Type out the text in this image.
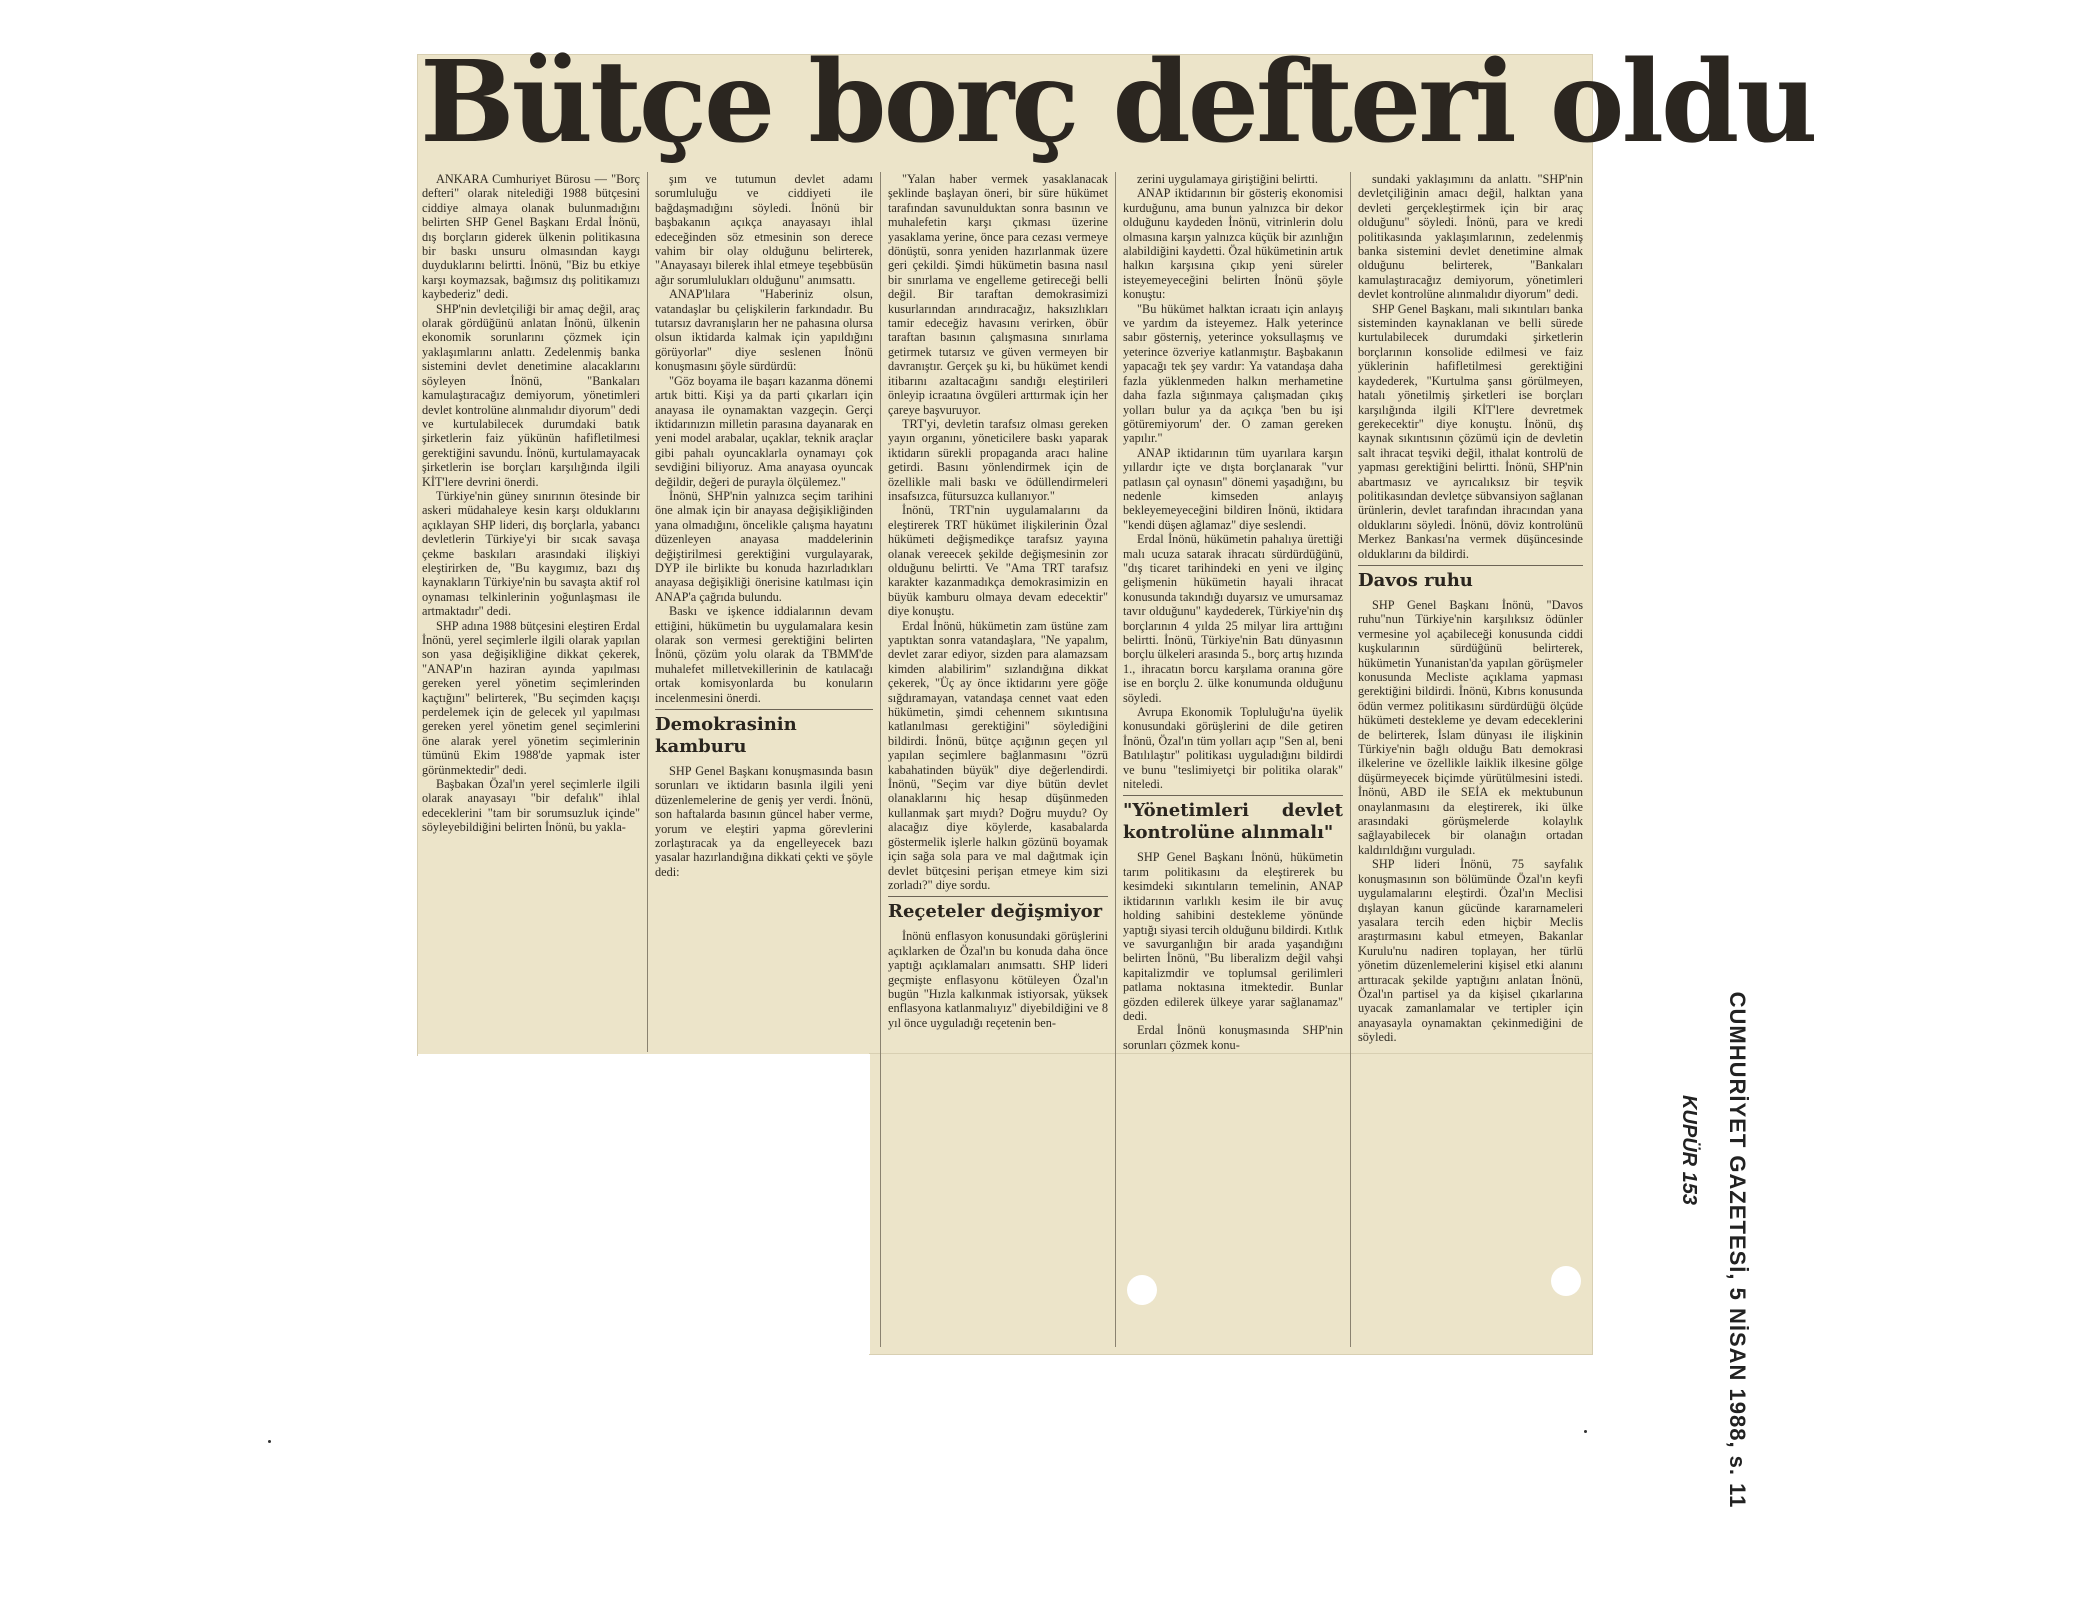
Bütçe borç defteri oldu

ANKARA Cumhuriyet Bürosu — "Borç defteri" olarak nitelediği 1988 bütçesini ciddiye almaya olanak bulunmadığını belirten SHP Genel Başkanı Erdal İnönü, dış borçların giderek ülkenin politikasına bir baskı unsuru olmasından kaygı duyduklarını belirtti. İnönü, "Biz bu etkiye karşı koymazsak, bağımsız dış politikamızı kaybederiz" dedi.

SHP'nin devletçiliği bir amaç değil, araç olarak gördüğünü anlatan İnönü, ülkenin ekonomik sorunlarını çözmek için yaklaşımlarını anlattı. Zedelenmiş banka sistemini devlet denetimine alacaklarını söyleyen İnönü, "Bankaları kamulaştıracağız demiyorum, yönetimleri devlet kontrolüne alınmalıdır diyorum" dedi ve kurtulabilecek durumdaki batık şirketlerin faiz yükünün hafifletilmesi gerektiğini savundu. İnönü, kurtulamayacak şirketlerin ise borçları karşılığında ilgili KİT'lere devrini önerdi.

Türkiye'nin güney sınırının ötesinde bir askeri müdahaleye kesin karşı olduklarını açıklayan SHP lideri, dış borçlarla, yabancı devletlerin Türkiye'yi bir sıcak savaşa çekme baskıları arasındaki ilişkiyi eleştirirken de, "Bu kaygımız, bazı dış kaynakların Türkiye'nin bu savaşta aktif rol oynaması telkinlerinin yoğunlaşması ile artmaktadır" dedi.

SHP adına 1988 bütçesini eleştiren Erdal İnönü, yerel seçimlerle ilgili olarak yapılan son yasa değişikliğine dikkat çekerek, "ANAP'ın haziran ayında yapılması gereken yerel yönetim seçimlerinden kaçtığını" belirterek, "Bu seçimden kaçışı perdelemek için de gelecek yıl yapılması gereken yerel yönetim genel seçimlerini öne alarak yerel yönetim seçimlerinin tümünü Ekim 1988'de yapmak ister görünmektedir" dedi.

Başbakan Özal'ın yerel seçimlerle ilgili olarak anayasayı "bir defalık" ihlal edeceklerini "tam bir sorumsuzluk içinde" söyleyebildiğini belirten İnönü, bu yakla-

şım ve tutumun devlet adamı sorumluluğu ve ciddiyeti ile bağdaşmadığını söyledi. İnönü bir başbakanın açıkça anayasayı ihlal edeceğinden söz etmesinin son derece vahim bir olay olduğunu belirterek, "Anayasayı bilerek ihlal etmeye teşebbüsün ağır sorumlulukları olduğunu" anımsattı.

ANAP'lılara "Haberiniz olsun, vatandaşlar bu çelişkilerin farkındadır. Bu tutarsız davranışların her ne pahasına olursa olsun iktidarda kalmak için yapıldığını görüyorlar" diye seslenen İnönü konuşmasını şöyle sürdürdü:

"Göz boyama ile başarı kazanma dönemi artık bitti. Kişi ya da parti çıkarları için anayasa ile oynamaktan vazgeçin. Gerçi iktidarınızın milletin parasına dayanarak en yeni model arabalar, uçaklar, teknik araçlar gibi pahalı oyuncaklarla oynamayı çok sevdiğini biliyoruz. Ama anayasa oyuncak değildir, değeri de purayla ölçülemez."

İnönü, SHP'nin yalnızca seçim tarihini öne almak için bir anayasa değişikliğinden yana olmadığını, öncelikle çalışma hayatını düzenleyen anayasa maddelerinin değiştirilmesi gerektiğini vurgulayarak, DYP ile birlikte bu konuda hazırladıkları anayasa değişikliği önerisine katılması için ANAP'a çağrıda bulundu.

Baskı ve işkence iddialarının devam ettiğini, hükümetin bu uygulamalara kesin olarak son vermesi gerektiğini belirten İnönü, çözüm yolu olarak da TBMM'de muhalefet milletvekillerinin de katılacağı ortak komisyonlarda bu konuların incelenmesini önerdi.

Demokrasinin kamburu

SHP Genel Başkanı konuşmasında basın sorunları ve iktidarın basınla ilgili yeni düzenlemelerine de geniş yer verdi. İnönü, son haftalarda basının güncel haber verme, yorum ve eleştiri yapma görevlerini zorlaştıracak ya da engelleyecek bazı yasalar hazırlandığına dikkati çekti ve şöyle dedi:

"Yalan haber vermek yasaklanacak şeklinde başlayan öneri, bir süre hükümet tarafından savunulduktan sonra basının ve muhalefetin karşı çıkması üzerine yasaklama yerine, önce para cezası vermeye dönüştü, sonra yeniden hazırlanmak üzere geri çekildi. Şimdi hükümetin basına nasıl bir sınırlama ve engelleme getireceği belli değil. Bir taraftan demokrasimizi kusurlarından arındıracağız, haksızlıkları tamir edeceğiz havasını verirken, öbür taraftan basının çalışmasına sınırlama getirmek tutarsız ve güven vermeyen bir davranıştır. Gerçek şu ki, bu hükümet kendi itibarını azaltacağını sandığı eleştirileri önleyip icraatına övgüleri arttırmak için her çareye başvuruyor.

TRT'yi, devletin tarafsız olması gereken yayın organını, yöneticilere baskı yaparak iktidarın sürekli propaganda aracı haline getirdi. Basını yönlendirmek için de özellikle mali baskı ve ödüllendirmeleri insafsızca, fütursuzca kullanıyor."

İnönü, TRT'nin uygulamalarını da eleştirerek TRT hükümet ilişkilerinin Özal hükümeti değişmedikçe tarafsız yayına olanak vereecek şekilde değişmesinin zor olduğunu belirtti. Ve "Ama TRT tarafsız karakter kazanmadıkça demokrasimizin en büyük kamburu olmaya devam edecektir" diye konuştu.

Erdal İnönü, hükümetin zam üstüne zam yaptıktan sonra vatandaşlara, "Ne yapalım, devlet zarar ediyor, sizden para alamazsam kimden alabilirim" sızlandığına dikkat çekerek, "Üç ay önce iktidarını yere göğe sığdıramayan, vatandaşa cennet vaat eden hükümetin, şimdi cehennem sıkıntısına katlanılması gerektiğini" söylediğini bildirdi. İnönü, bütçe açığının geçen yıl yapılan seçimlere bağlanmasını "özrü kabahatinden büyük" diye değerlendirdi. İnönü, "Seçim var diye bütün devlet olanaklarını hiç hesap düşünmeden kullanmak şart mıydı? Doğru muydu? Oy alacağız diye köylerde, kasabalarda göstermelik işlerle halkın gözünü boyamak için sağa sola para ve mal dağıtmak için devlet bütçesini perişan etmeye kim sizi zorladı?" diye sordu.

Reçeteler değişmiyor

İnönü enflasyon konusundaki görüşlerini açıklarken de Özal'ın bu konuda daha önce yaptığı açıklamaları anımsattı. SHP lideri geçmişte enflasyonu kötüleyen Özal'ın bugün "Hızla kalkınmak istiyorsak, yüksek enflasyona katlanmalıyız" diyebildiğini ve 8 yıl önce uyguladığı reçetenin ben-

zerini uygulamaya giriştiğini belirtti.

ANAP iktidarının bir gösteriş ekonomisi kurduğunu, ama bunun yalnızca bir dekor olduğunu kaydeden İnönü, vitrinlerin dolu olmasına karşın yalnızca küçük bir azınlığın alabildiğini kaydetti. Özal hükümetinin artık halkın karşısına çıkıp yeni süreler isteyemeyeceğini belirten İnönü şöyle konuştu:

"Bu hükümet halktan icraatı için anlayış ve yardım da isteyemez. Halk yeterince sabır gösterniş, yeterince yoksullaşmış ve yeterince özveriye katlanmıştır. Başbakanın yapacağı tek şey vardır: Ya vatandaşa daha fazla yüklenmeden halkın merhametine daha fazla sığınmaya çalışmadan çıkış yolları bulur ya da açıkça 'ben bu işi götüremiyorum' der. O zaman gereken yapılır."

ANAP iktidarının tüm uyarılara karşın yıllardır içte ve dışta borçlanarak "vur patlasın çal oynasın" dönemi yaşadığını, bu nedenle kimseden anlayış bekleyemeyeceğini bildiren İnönü, iktidara "kendi düşen ağlamaz" diye seslendi.

Erdal İnönü, hükümetin pahalıya ürettiği malı ucuza satarak ihracatı sürdürdüğünü, "dış ticaret tarihindeki en yeni ve ilginç gelişmenin hükümetin hayali ihracat konusunda takındığı duyarsız ve umursamaz tavır olduğunu" kaydederek, Türkiye'nin dış borçlarının 4 yılda 25 milyar lira arttığını belirtti. İnönü, Türkiye'nin Batı dünyasının borçlu ülkeleri arasında 5., borç artış hızında 1., ihracatın borcu karşılama oranına göre ise en borçlu 2. ülke konumunda olduğunu söyledi.

Avrupa Ekonomik Topluluğu'na üyelik konusundaki görüşlerini de dile getiren İnönü, Özal'ın tüm yolları açıp "Sen al, beni Batılılaştır" politikası uyguladığını bildirdi ve bunu "teslimiyetçi bir politika olarak" niteledi.

"Yönetimleri devlet kontrolüne alınmalı"

SHP Genel Başkanı İnönü, hükümetin tarım politikasını da eleştirerek bu kesimdeki sıkıntıların temelinin, ANAP iktidarının varlıklı kesim ile bir avuç holding sahibini destekleme yönünde yaptığı siyasi tercih olduğunu bildirdi. Kıtlık ve savurganlığın bir arada yaşandığını belirten İnönü, "Bu liberalizm değil vahşi kapitalizmdir ve toplumsal gerilimleri patlama noktasına itmektedir. Bunlar gözden edilerek ülkeye yarar sağlanamaz" dedi.

Erdal İnönü konuşmasında SHP'nin sorunları çözmek konu-

sundaki yaklaşımını da anlattı. "SHP'nin devletçiliğinin amacı değil, halktan yana devleti gerçekleştirmek için bir araç olduğunu" söyledi. İnönü, para ve kredi politikasında yaklaşımlarının, zedelenmiş banka sistemini devlet denetimine almak olduğunu belirterek, "Bankaları kamulaştıracağız demiyorum, yönetimleri devlet kontrolüne alınmalıdır diyorum" dedi.

SHP Genel Başkanı, mali sıkıntıları banka sisteminden kaynaklanan ve belli sürede kurtulabilecek durumdaki şirketlerin borçlarının konsolide edilmesi ve faiz yüklerinin hafifletilmesi gerektiğini kaydederek, "Kurtulma şansı görülmeyen, hatalı yönetilmiş şirketleri ise borçları karşılığında ilgili KİT'lere devretmek gerekecektir" diye konuştu. İnönü, dış kaynak sıkıntısının çözümü için de devletin salt ihracat teşviki değil, ithalat kontrolü de yapması gerektiğini belirtti. İnönü, SHP'nin abartmasız ve ayrıcalıksız bir teşvik politikasından devletçe sübvansiyon sağlanan ürünlerin, devlet tarafından ihracından yana olduklarını söyledi. İnönü, döviz kontrolünü Merkez Bankası'na vermek düşüncesinde olduklarını da bildirdi.

Davos ruhu

SHP Genel Başkanı İnönü, "Davos ruhu"nun Türkiye'nin karşılıksız ödünler vermesine yol açabileceği konusunda ciddi kuşkularının sürdüğünü belirterek, hükümetin Yunanistan'da yapılan görüşmeler konusunda Mecliste açıklama yapması gerektiğini bildirdi. İnönü, Kıbrıs konusunda ödün vermez politikasını sürdürdüğü ölçüde hükümeti destekleme ye devam edeceklerini de belirterek, İslam dünyası ile ilişkinin Türkiye'nin bağlı olduğu Batı demokrasi ilkelerine ve özellikle laiklik ilkesine gölge düşürmeyecek biçimde yürütülmesini istedi. İnönü, ABD ile SEİA ek mektubunun onaylanmasını da eleştirerek, iki ülke arasındaki görüşmelerde kolaylık sağlayabilecek bir olanağın ortadan kaldırıldığını vurguladı.

SHP lideri İnönü, 75 sayfalık konuşmasının son bölümünde Özal'ın keyfi uygulamalarını eleştirdi. Özal'ın Meclisi dışlayan kanun gücünde kararnameleri yasalara tercih eden hiçbir Meclis araştırmasını kabul etmeyen, Bakanlar Kurulu'nu nadiren toplayan, her türlü yönetim düzenlemelerini kişisel etki alanını arttıracak şekilde yaptığını anlatan İnönü, Özal'ın partisel ya da kişisel çıkarlarına uyacak zamanlamalar ve tertipler için anayasayla oynamaktan çekinmediğini de söyledi.	CUMHURİYET GAZETESİ, 5 NİSAN 1988, s. 11
KUPÜR 153
